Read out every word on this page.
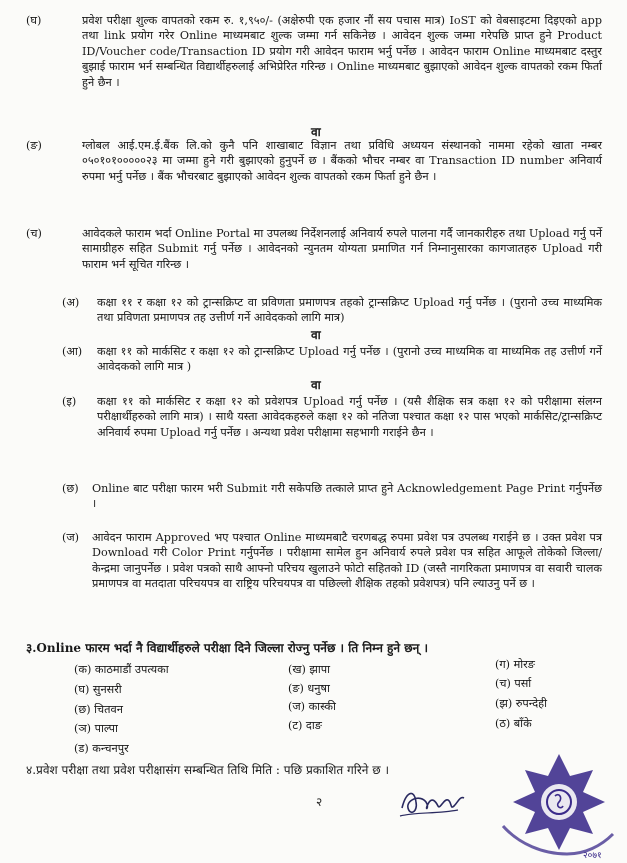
(घ)	प्रवेश परीक्षा शुल्क वापतको रकम रु. १,९५०/- (अक्षेरुपी एक हजार नौं सय पचास मात्र) IoST को वेबसाइटमा दिइएको app तथा link प्रयोग गरेर Online माध्यमबाट शुल्क जम्मा गर्न सकिनेछ । आवेदन शुल्क जम्मा गरेपछि प्राप्त हुने Product ID/Voucher code/Transaction ID प्रयोग गरी आवेदन फाराम भर्नु पर्नेछ । आवेदन फाराम Online माध्यमबाट दस्तुर बुझाई फाराम भर्न सम्बन्धित विद्यार्थीहरुलाई अभिप्रेरित गरिन्छ । Online माध्यमबाट बुझाएको आवेदन शुल्क वापतको रकम फिर्ता हुने छैन ।
वा
(ङ)	ग्लोबल आई.एम.ई.बैंक लि.को कुनै पनि शाखाबाट विज्ञान तथा प्रविधि अध्ययन संस्थानको नाममा रहेको खाता नम्बर ०५०१०१०००००२३ मा जम्मा हुने गरी बुझाएको हुनुपर्ने छ । बैंकको भौचर नम्बर वा Transaction ID number अनिवार्य रुपमा भर्नु पर्नेछ । बैंक भौचरबाट बुझाएको आवेदन शुल्क वापतको रकम फिर्ता हुने छैन ।
(च)	आवेदकले फाराम भर्दा Online Portal मा उपलब्ध निर्देशनलाई अनिवार्य रुपले पालना गर्दै जानकारीहरु तथा Upload गर्नु पर्ने सामाग्रीहरु सहित Submit गर्नु पर्नेछ । आवेदनको न्युनतम योग्यता प्रमाणित गर्न निम्नानुसारका कागजातहरु Upload गरी फाराम भर्न सूचित गरिन्छ ।
(अ) कक्षा ११ र कक्षा १२ को ट्रान्सक्रिप्ट वा प्रविणता प्रमाणपत्र तहको ट्रान्सक्रिप्ट Upload गर्नु पर्नेछ । (पुरानो उच्च माध्यमिक तथा प्रविणता प्रमाणपत्र तह उत्तीर्ण गर्ने आवेदकको लागि मात्र)
वा
(आ) कक्षा ११ को मार्कसिट र कक्षा १२ को ट्रान्सक्रिप्ट Upload गर्नु पर्नेछ । (पुरानो उच्च माध्यमिक वा माध्यमिक तह उत्तीर्ण गर्ने आवेदकको लागि मात्र )
वा
(इ) कक्षा ११ को मार्कसिट र कक्षा १२ को प्रवेशपत्र Upload गर्नु पर्नेछ । (यसै शैक्षिक सत्र कक्षा १२ को परीक्षामा संलग्न परीक्षार्थीहरुको लागि मात्र) । साथै यस्ता आवेदकहरुले कक्षा १२ को नतिजा पश्चात कक्षा १२ पास भएको मार्कसिट/ट्रान्सक्रिप्ट अनिवार्य रुपमा Upload गर्नु पर्नेछ । अन्यथा प्रवेश परीक्षामा सहभागी गराईने छैन ।
(छ) Online बाट परीक्षा फारम भरी Submit गरी सकेपछि तत्काले प्राप्त हुने Acknowledgement Page Print गर्नुपर्नेछ ।
(ज) आवेदन फाराम Approved भए पश्चात Online माध्यमबाटै चरणबद्ध रुपमा प्रवेश पत्र उपलब्ध गराईने छ । उक्त प्रवेश पत्र Download गरी Color Print गर्नुपर्नेछ । परीक्षामा सामेल हुन अनिवार्य रुपले प्रवेश पत्र सहित आफूले तोकेको जिल्ला/केन्द्रमा जानुपर्नेछ । प्रवेश पत्रको साथै आफ्नो परिचय खुलाउने फोटो सहितको ID (जस्तै नागरिकता प्रमाणपत्र वा सवारी चालक प्रमाणपत्र वा मतदाता परिचयपत्र वा राष्ट्रिय परिचयपत्र वा पछिल्लो शैक्षिक तहको प्रवेशपत्र) पनि ल्याउनु पर्ने छ ।
३.Online फारम भर्दा नै विद्यार्थीहरुले परीक्षा दिने जिल्ला रोज्नु पर्नेछ । ति निम्न हुने छन् ।
(क) काठमाडौं उपत्यका	(ख) झापा	(ग) मोरङ
(घ) सुनसरी	(ङ) धनुषा	(च) पर्सा
(छ) चितवन	(ज) कास्की	(झ) रुपन्देही
(ञ) पाल्पा	(ट) दाङ	(ठ) बाँके
(ड) कन्चनपुर
४.प्रवेश परीक्षा तथा प्रवेश परीक्षासंग सम्बन्धित तिथि मिति : पछि प्रकाशित गरिने छ ।
२
२०७१
